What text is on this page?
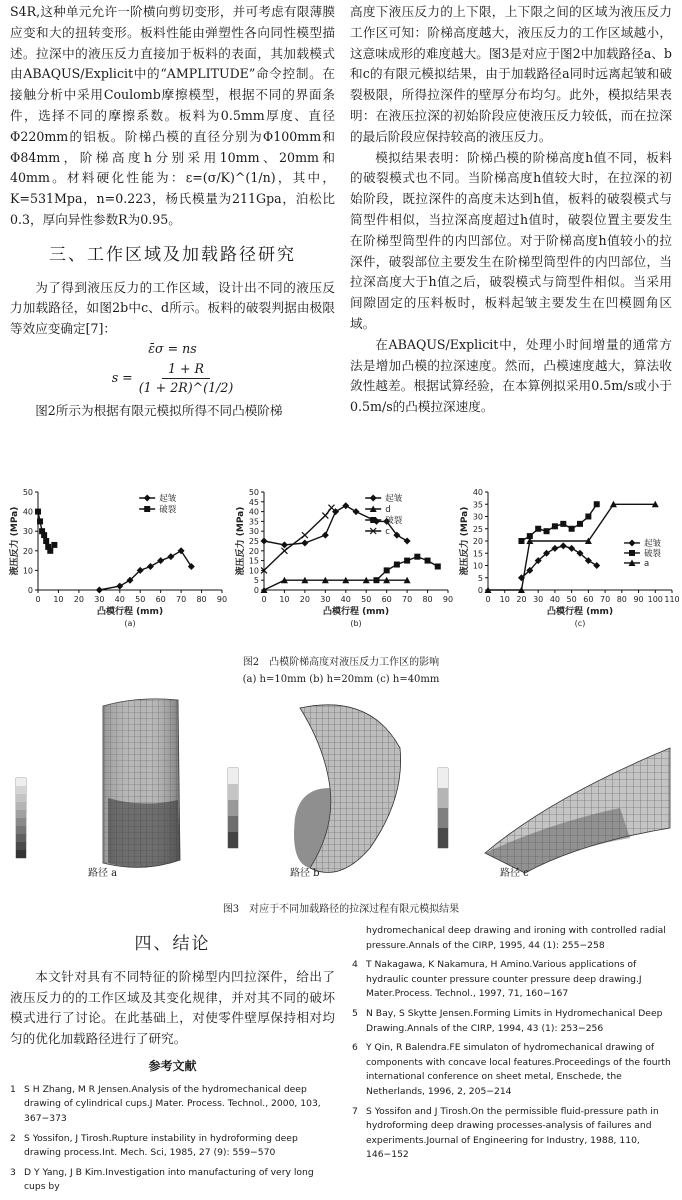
S4R,这种单元允许一阶横向剪切变形，并可考虑有限薄膜应变和大的扭转变形。板料性能由弹塑性各向同性模型描述。拉深中的液压反力直接加于板料的表面，其加载模式由ABAQUS/Explicit中的“AMPLITUDE”命令控制。在接触分析中采用Coulomb摩擦模型，根据不同的界面条件，选择不同的摩擦系数。板料为0.5mm厚度、直径Φ220mm的铝板。阶梯凸模的直径分别为Φ100mm和Φ84mm，阶梯高度h分别采用10mm、20mm和40mm。材料硬化性能为：ε=(σ/K)^(1/n)，其中，K=531Mpa，n=0.223，杨氏模量为211Gpa，泊松比0.3，厚向异性参数R为0.95。

三、工作区域及加载路径研究

为了得到液压反力的工作区域，设计出不同的液压反力加载路径，如图2b中c、d所示。板料的破裂判据由极限等效应变确定[7]：

ε̄σ = ns
$s = \frac{1 + R}{(1 + 2R)\^{}(1/2)}$

图2所示为根据有限元模拟所得不同凸模阶梯

高度下液压反力的上下限，上下限之间的区域为液压反力工作区可知：阶梯高度越大，液压反力的工作区域越小，这意味成形的难度越大。图3是对应于图2中加载路径a、b和c的有限元模拟结果，由于加载路径a同时远离起皱和破裂极限，所得拉深件的壁厚分布均匀。此外，模拟结果表明：在液压拉深的初始阶段应使液压反力较低，而在拉深的最后阶段应保持较高的液压反力。

模拟结果表明：阶梯凸模的阶梯高度h值不同，板料的破裂模式也不同。当阶梯高度h值较大时，在拉深的初始阶段，既拉深件的高度未达到h值，板料的破裂模式与简型件相似，当拉深高度超过h值时，破裂位置主要发生在阶梯型筒型件的内凹部位。对于阶梯高度h值较小的拉深件，破裂部位主要发生在阶梯型筒型件的内凹部位，当拉深高度大于h值之后，破裂模式与筒型件相似。当采用间隙固定的压料板时，板料起皱主要发生在凹模圆角区域。

在ABAQUS/Explicit中，处理小时间增量的通常方法是增加凸模的拉深速度。然而，凸模速度越大，算法收敛性越差。根据试算经验，在本算例拟采用0.5m/s或小于0.5m/s的凸模拉深速度。

0 10 20 30 40 50 60 70 80 90
0
10
20
30
40
50
凸模行程 (mm)
液压反力 (MPa)
(a)
起皱
破裂
0 10 20 30 40 50 60 70 80 90
0
5
10
15
20
25
30
35
40
45
50
凸模行程 (mm)
液压反力 (MPa)
(b)
起皱
d
破裂
c
0 10 20 30 40 50 60 70 80 90 100 110
0
5
10
15
20
25
30
35
40
凸模行程 (mm)
液压反力 (MPa)
(c)
起皱
破裂
a
图2　凸模阶梯高度对液压反力工作区的影响
(a) h=10mm (b) h=20mm (c) h=40mm
路径 a	路径 b	路径 c
图3　对应于不同加载路径的拉深过程有限元模拟结果
四、结论

本文针对具有不同特征的阶梯型内凹拉深件，给出了液压反力的的工作区域及其变化规律，并对其不同的破坏模式进行了讨论。在此基础上，对使零件壁厚保持相对均匀的优化加载路径进行了研究。

参考文献
1 S H Zhang, M R Jensen.Analysis of the hydromechanical deep drawing of cylindrical cups.J Mater. Process. Technol., 2000, 103, 367−373
2 S Yossifon, J Tirosh.Rupture instability in hydroforming deep drawing process.Int. Mech. Sci, 1985, 27 (9): 559−570
3 D Y Yang, J B Kim.Investigation into manufacturing of very long cups by
hydromechanical deep drawing and ironing with controlled radial pressure.Annals of the CIRP, 1995, 44 (1): 255−258
4 T Nakagawa, K Nakamura, H Amino.Various applications of hydraulic counter pressure counter pressure deep drawing.J Mater.Process. Technol., 1997, 71, 160−167
5 N Bay, S Skytte Jensen.Forming Limits in Hydromechanical Deep Drawing.Annals of the CIRP, 1994, 43 (1): 253−256
6 Y Qin, R Balendra.FE simulaton of hydromechanical drawing of components with concave local features.Proceedings of the fourth international conference on sheet metal, Enschede, the Netherlands, 1996, 2, 205−214
7 S Yossifon and J Tirosh.On the permissible fluid-pressure path in hydroforming deep drawing processes-analysis of failures and experiments.Journal of Engineering for Industry, 1988, 110, 146−152
